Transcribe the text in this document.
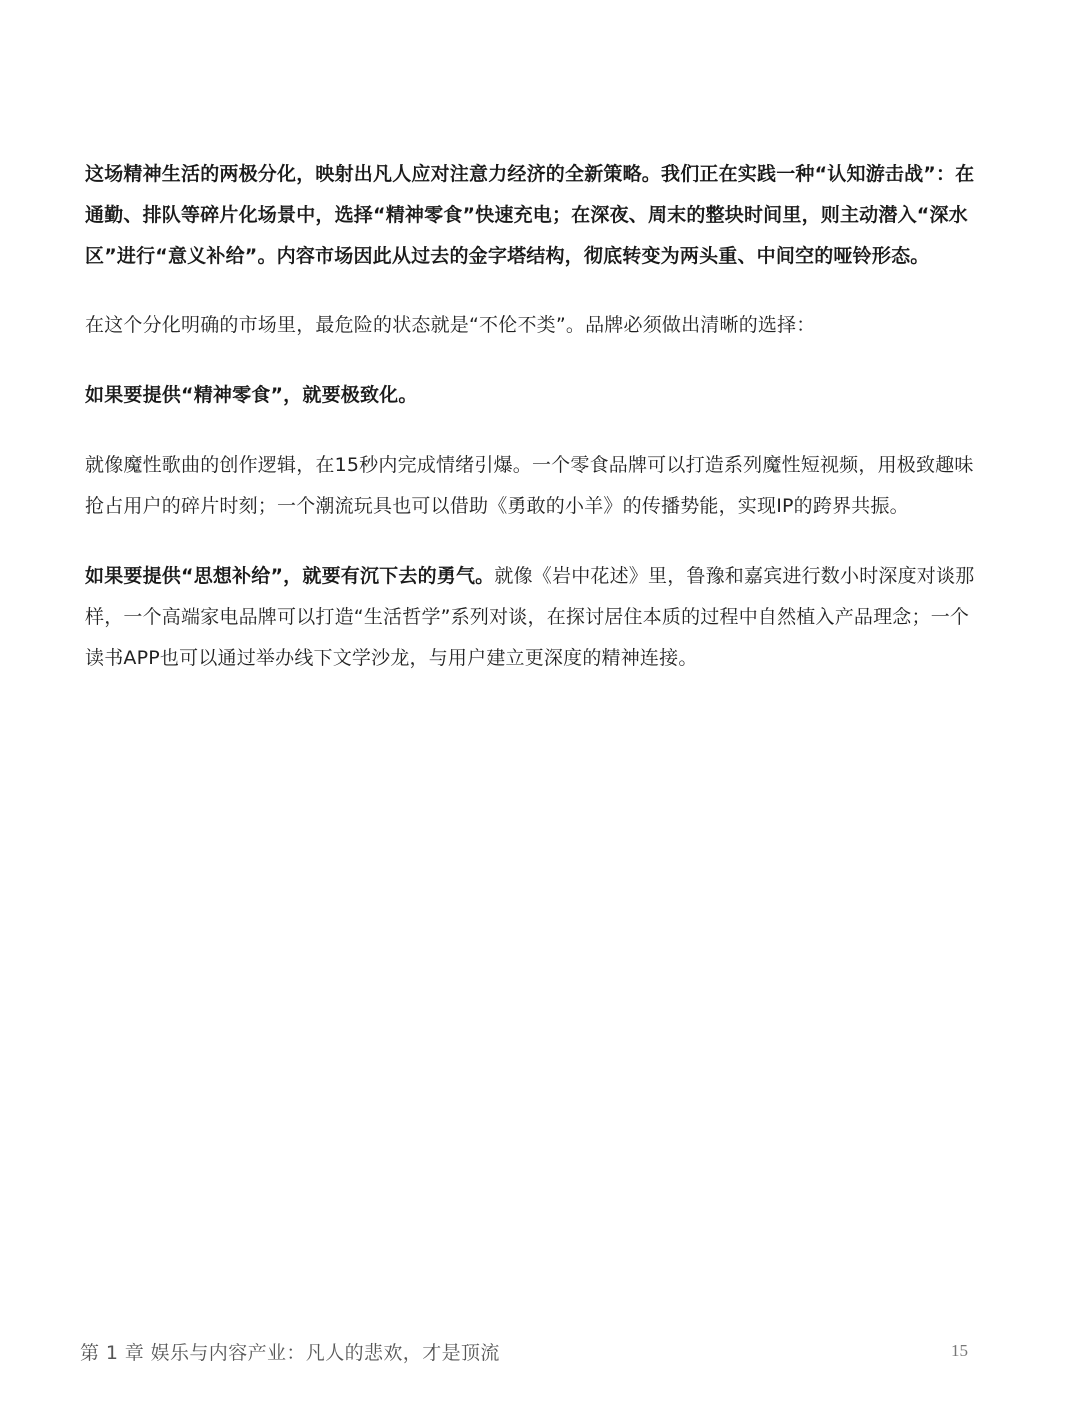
这场精神生活的两极分化，映射出凡人应对注意力经济的全新策略。我们正在实践一种“认知游击战”：在通勤、排队等碎片化场景中，选择“精神零食”快速充电；在深夜、周末的整块时间里，则主动潜入“深水区”进行“意义补给”。内容市场因此从过去的金字塔结构，彻底转变为两头重、中间空的哑铃形态。

在这个分化明确的市场里，最危险的状态就是“不伦不类”。品牌必须做出清晰的选择：

如果要提供“精神零食”，就要极致化。

就像魔性歌曲的创作逻辑，在15秒内完成情绪引爆。一个零食品牌可以打造系列魔性短视频，用极致趣味抢占用户的碎片时刻；一个潮流玩具也可以借助《勇敢的小羊》的传播势能，实现IP的跨界共振。

如果要提供“思想补给”，就要有沉下去的勇气。就像《岩中花述》里，鲁豫和嘉宾进行数小时深度对谈那样，一个高端家电品牌可以打造“生活哲学”系列对谈，在探讨居住本质的过程中自然植入产品理念；一个读书APP也可以通过举办线下文学沙龙，与用户建立更深度的精神连接。

第 1 章 娱乐与内容产业：凡人的悲欢，才是顶流	15
